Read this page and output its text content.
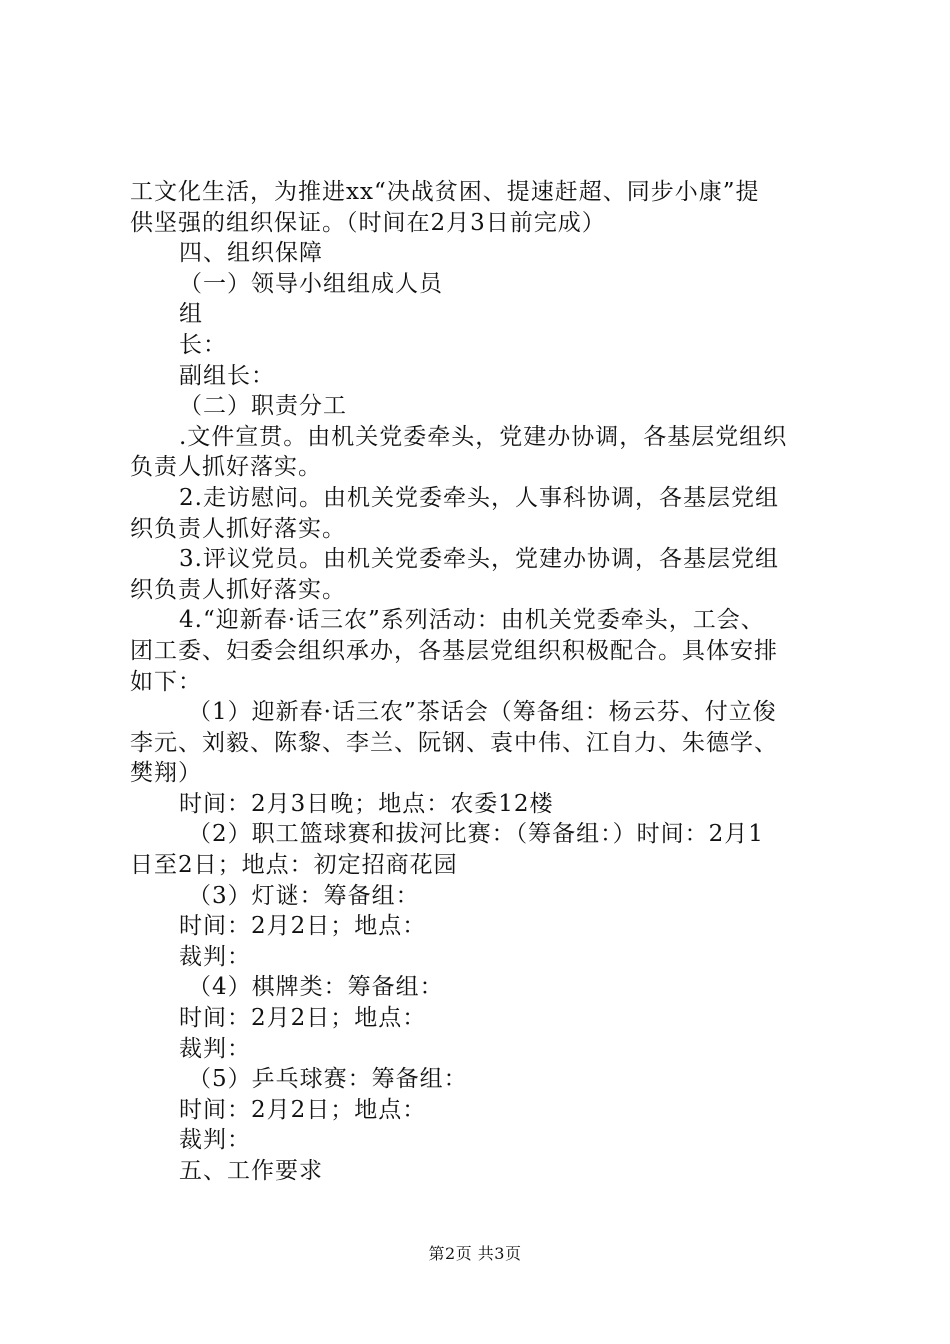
工文化生活，为推进xx“决战贫困、提速赶超、同步小康”提
供坚强的组织保证。（时间在2月3日前完成）
四、组织保障
（一）领导小组组成人员
组
长：
副组长：
（二）职责分工
.文件宣贯。由机关党委牵头，党建办协调，各基层党组织
负责人抓好落实。
2.走访慰问。由机关党委牵头，人事科协调，各基层党组
织负责人抓好落实。
3.评议党员。由机关党委牵头，党建办协调，各基层党组
织负责人抓好落实。
4.“迎新春·话三农”系列活动：由机关党委牵头，工会、
团工委、妇委会组织承办，各基层党组织积极配合。具体安排
如下：
（1）迎新春·话三农”茶话会（筹备组：杨云芬、付立俊
李元、刘毅、陈黎、李兰、阮钢、袁中伟、江自力、朱德学、
樊翔）
时间：2月3日晚；地点：农委12楼
（2）职工篮球赛和拔河比赛：（筹备组：）时间：2月1
日至2日；地点：初定招商花园
（3）灯谜：筹备组：
时间：2月2日；地点：
裁判：
（4）棋牌类：筹备组：
时间：2月2日；地点：
裁判：
（5）乒乓球赛：筹备组：
时间：2月2日；地点：
裁判：
五、工作要求
第2页 共3页
